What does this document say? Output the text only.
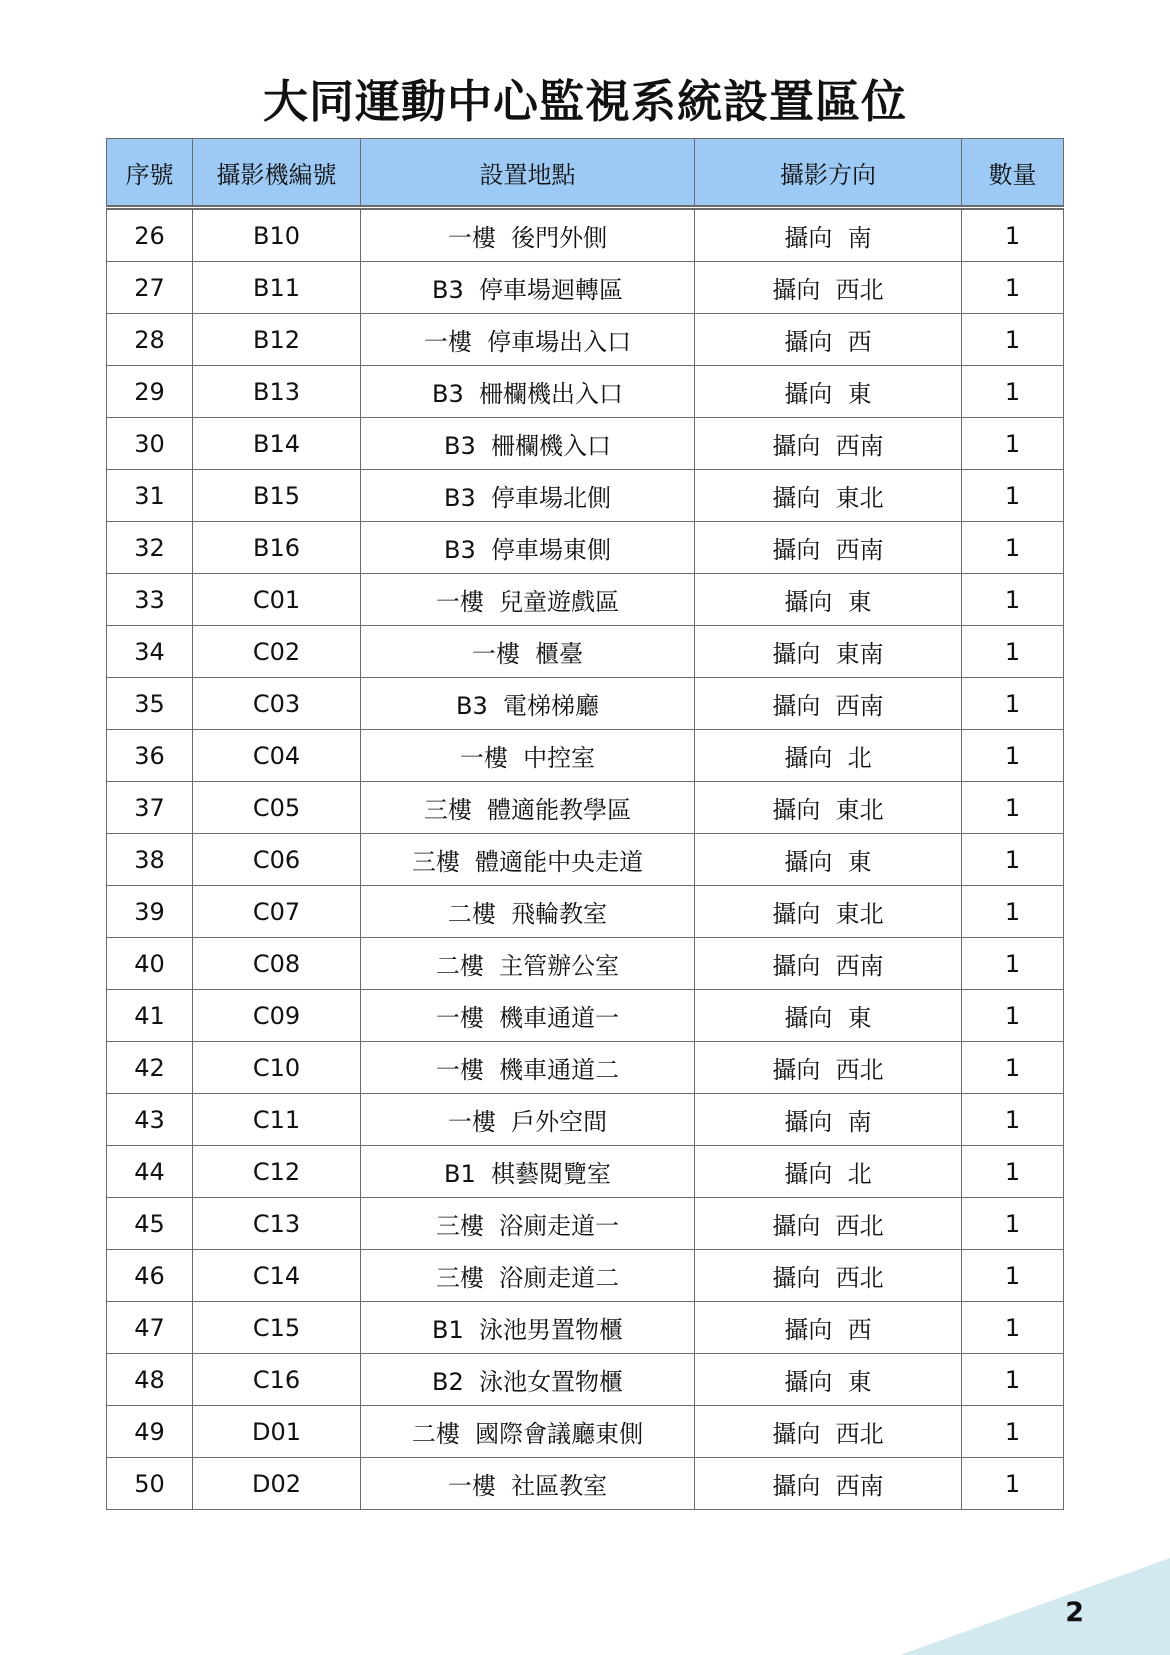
大同運動中心監視系統設置區位
序號	攝影機編號	設置地點	攝影方向	數量
26	B10	一樓  後門外側	攝向  南	1
27	B11	B3  停車場迴轉區	攝向  西北	1
28	B12	一樓  停車場出入口	攝向  西	1
29	B13	B3  柵欄機出入口	攝向  東	1
30	B14	B3  柵欄機入口	攝向  西南	1
31	B15	B3  停車場北側	攝向  東北	1
32	B16	B3  停車場東側	攝向  西南	1
33	C01	一樓  兒童遊戲區	攝向  東	1
34	C02	一樓  櫃臺	攝向  東南	1
35	C03	B3  電梯梯廳	攝向  西南	1
36	C04	一樓  中控室	攝向  北	1
37	C05	三樓  體適能教學區	攝向  東北	1
38	C06	三樓  體適能中央走道	攝向  東	1
39	C07	二樓  飛輪教室	攝向  東北	1
40	C08	二樓  主管辦公室	攝向  西南	1
41	C09	一樓  機車通道一	攝向  東	1
42	C10	一樓  機車通道二	攝向  西北	1
43	C11	一樓  戶外空間	攝向  南	1
44	C12	B1  棋藝閱覽室	攝向  北	1
45	C13	三樓  浴廁走道一	攝向  西北	1
46	C14	三樓  浴廁走道二	攝向  西北	1
47	C15	B1  泳池男置物櫃	攝向  西	1
48	C16	B2  泳池女置物櫃	攝向  東	1
49	D01	二樓  國際會議廳東側	攝向  西北	1
50	D02	一樓  社區教室	攝向  西南	1
2
